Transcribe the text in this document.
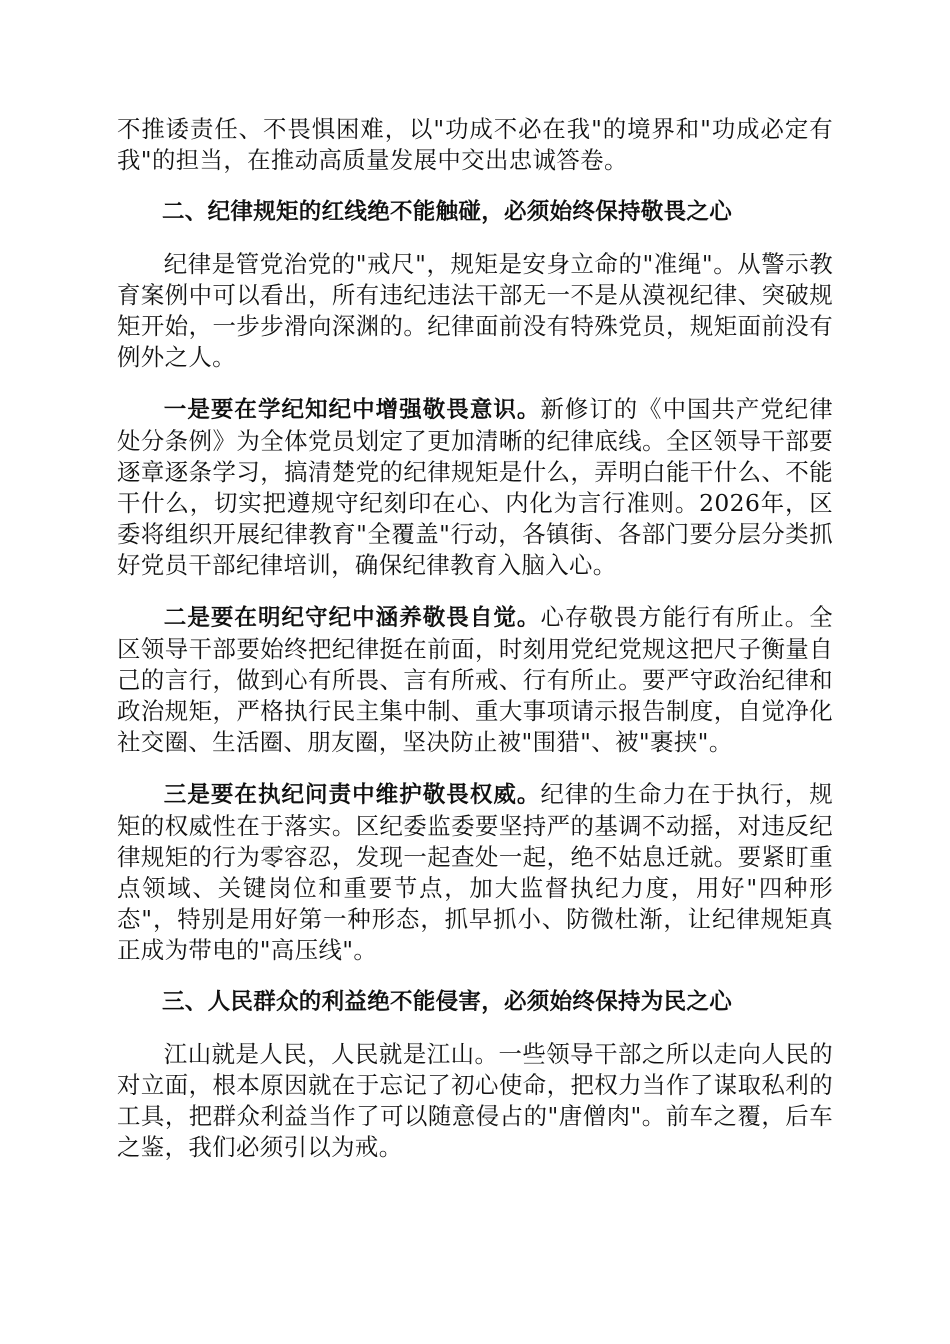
不推诿责任、不畏惧困难，以"功成不必在我"的境界和"功成必定有我"的担当，在推动高质量发展中交出忠诚答卷。

二、纪律规矩的红线绝不能触碰，必须始终保持敬畏之心

纪律是管党治党的"戒尺"，规矩是安身立命的"准绳"。从警示教育案例中可以看出，所有违纪违法干部无一不是从漠视纪律、突破规矩开始，一步步滑向深渊的。纪律面前没有特殊党员，规矩面前没有例外之人。

一是要在学纪知纪中增强敬畏意识。新修订的《中国共产党纪律处分条例》为全体党员划定了更加清晰的纪律底线。全区领导干部要逐章逐条学习，搞清楚党的纪律规矩是什么，弄明白能干什么、不能干什么，切实把遵规守纪刻印在心、内化为言行准则。2026年，区委将组织开展纪律教育"全覆盖"行动，各镇街、各部门要分层分类抓好党员干部纪律培训，确保纪律教育入脑入心。

二是要在明纪守纪中涵养敬畏自觉。心存敬畏方能行有所止。全区领导干部要始终把纪律挺在前面，时刻用党纪党规这把尺子衡量自己的言行，做到心有所畏、言有所戒、行有所止。要严守政治纪律和政治规矩，严格执行民主集中制、重大事项请示报告制度，自觉净化社交圈、生活圈、朋友圈，坚决防止被"围猎"、被"裹挟"。

三是要在执纪问责中维护敬畏权威。纪律的生命力在于执行，规矩的权威性在于落实。区纪委监委要坚持严的基调不动摇，对违反纪律规矩的行为零容忍，发现一起查处一起，绝不姑息迁就。要紧盯重点领域、关键岗位和重要节点，加大监督执纪力度，用好"四种形态"，特别是用好第一种形态，抓早抓小、防微杜渐，让纪律规矩真正成为带电的"高压线"。

三、人民群众的利益绝不能侵害，必须始终保持为民之心

江山就是人民，人民就是江山。一些领导干部之所以走向人民的对立面，根本原因就在于忘记了初心使命，把权力当作了谋取私利的工具，把群众利益当作了可以随意侵占的"唐僧肉"。前车之覆，后车之鉴，我们必须引以为戒。
